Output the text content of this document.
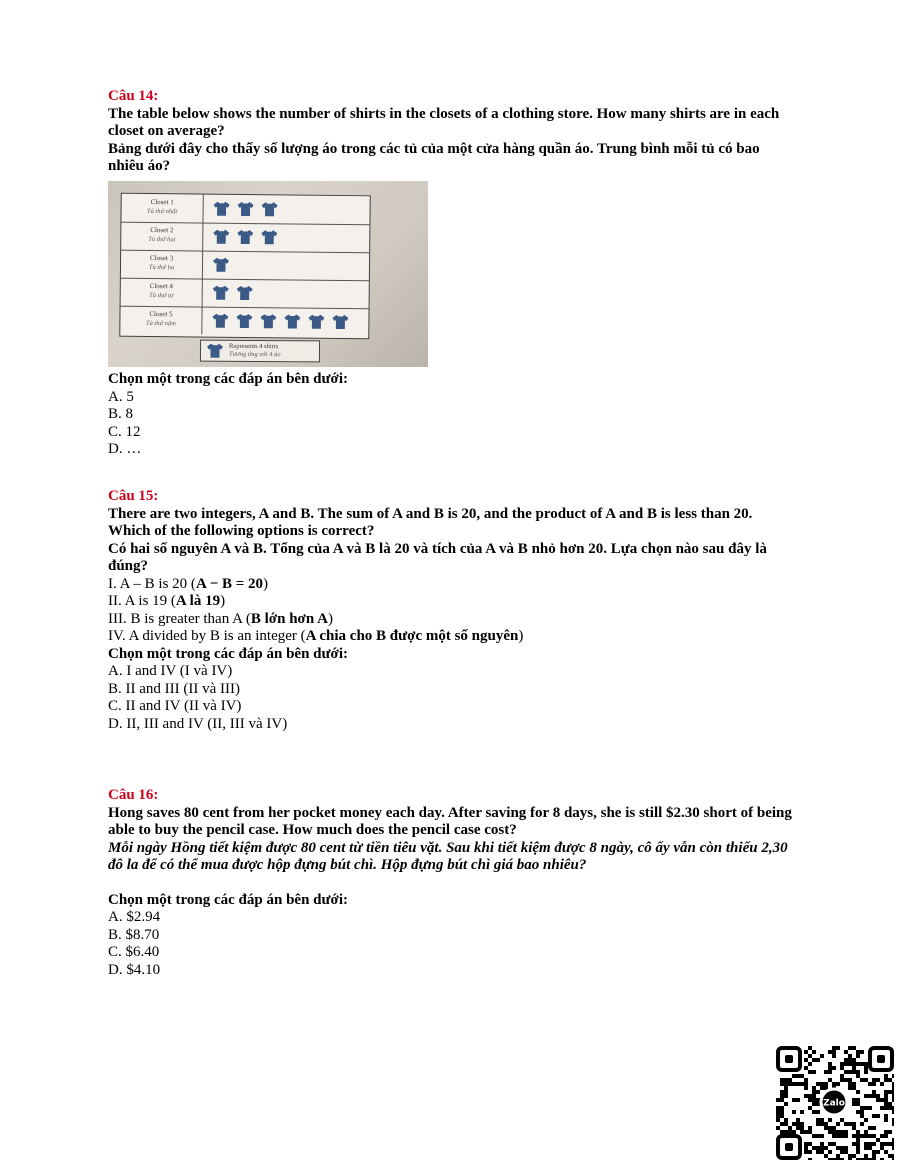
Câu 14:
The table below shows the number of shirts in the closets of a clothing store. How many shirts are in each closet on average?
Bảng dưới đây cho thấy số lượng áo trong các tủ của một cửa hàng quần áo. Trung bình mỗi tủ có bao nhiêu áo?
Closet 1
Tủ thứ nhất
Closet 2
Tủ thứ hai
Closet 3
Tủ thứ ba
Closet 4
Tủ thứ tư
Closet 5
Tủ thứ năm
Represents 4 shirts
Tương ứng với 4 áo
Chọn một trong các đáp án bên dưới:
A. 5
B. 8
C. 12
D. …
Câu 15:
There are two integers, A and B. The sum of A and B is 20, and the product of A and B is less than 20. Which of the following options is correct?
Có hai số nguyên A và B. Tổng của A và B là 20 và tích của A và B nhỏ hơn 20. Lựa chọn nào sau đây là đúng?
I. A – B is 20 (A − B = 20)
II. A is 19 (A là 19)
III. B is greater than A (B lớn hơn A)
IV. A divided by B is an integer (A chia cho B được một số nguyên)
Chọn một trong các đáp án bên dưới:
A. I and IV (I và IV)
B. II and III (II và III)
C. II and IV (II và IV)
D. II, III and IV (II, III và IV)
Câu 16:
Hong saves 80 cent from her pocket money each day. After saving for 8 days, she is still $2.30 short of being able to buy the pencil case. How much does the pencil case cost?
Mỗi ngày Hồng tiết kiệm được 80 cent từ tiền tiêu vặt. Sau khi tiết kiệm được 8 ngày, cô ấy vẫn còn thiếu 2,30 đô la để có thể mua được hộp đựng bút chì. Hộp đựng bút chì giá bao nhiêu?
Chọn một trong các đáp án bên dưới:
A. $2.94
B. $8.70
C. $6.40
D. $4.10
Zalo
